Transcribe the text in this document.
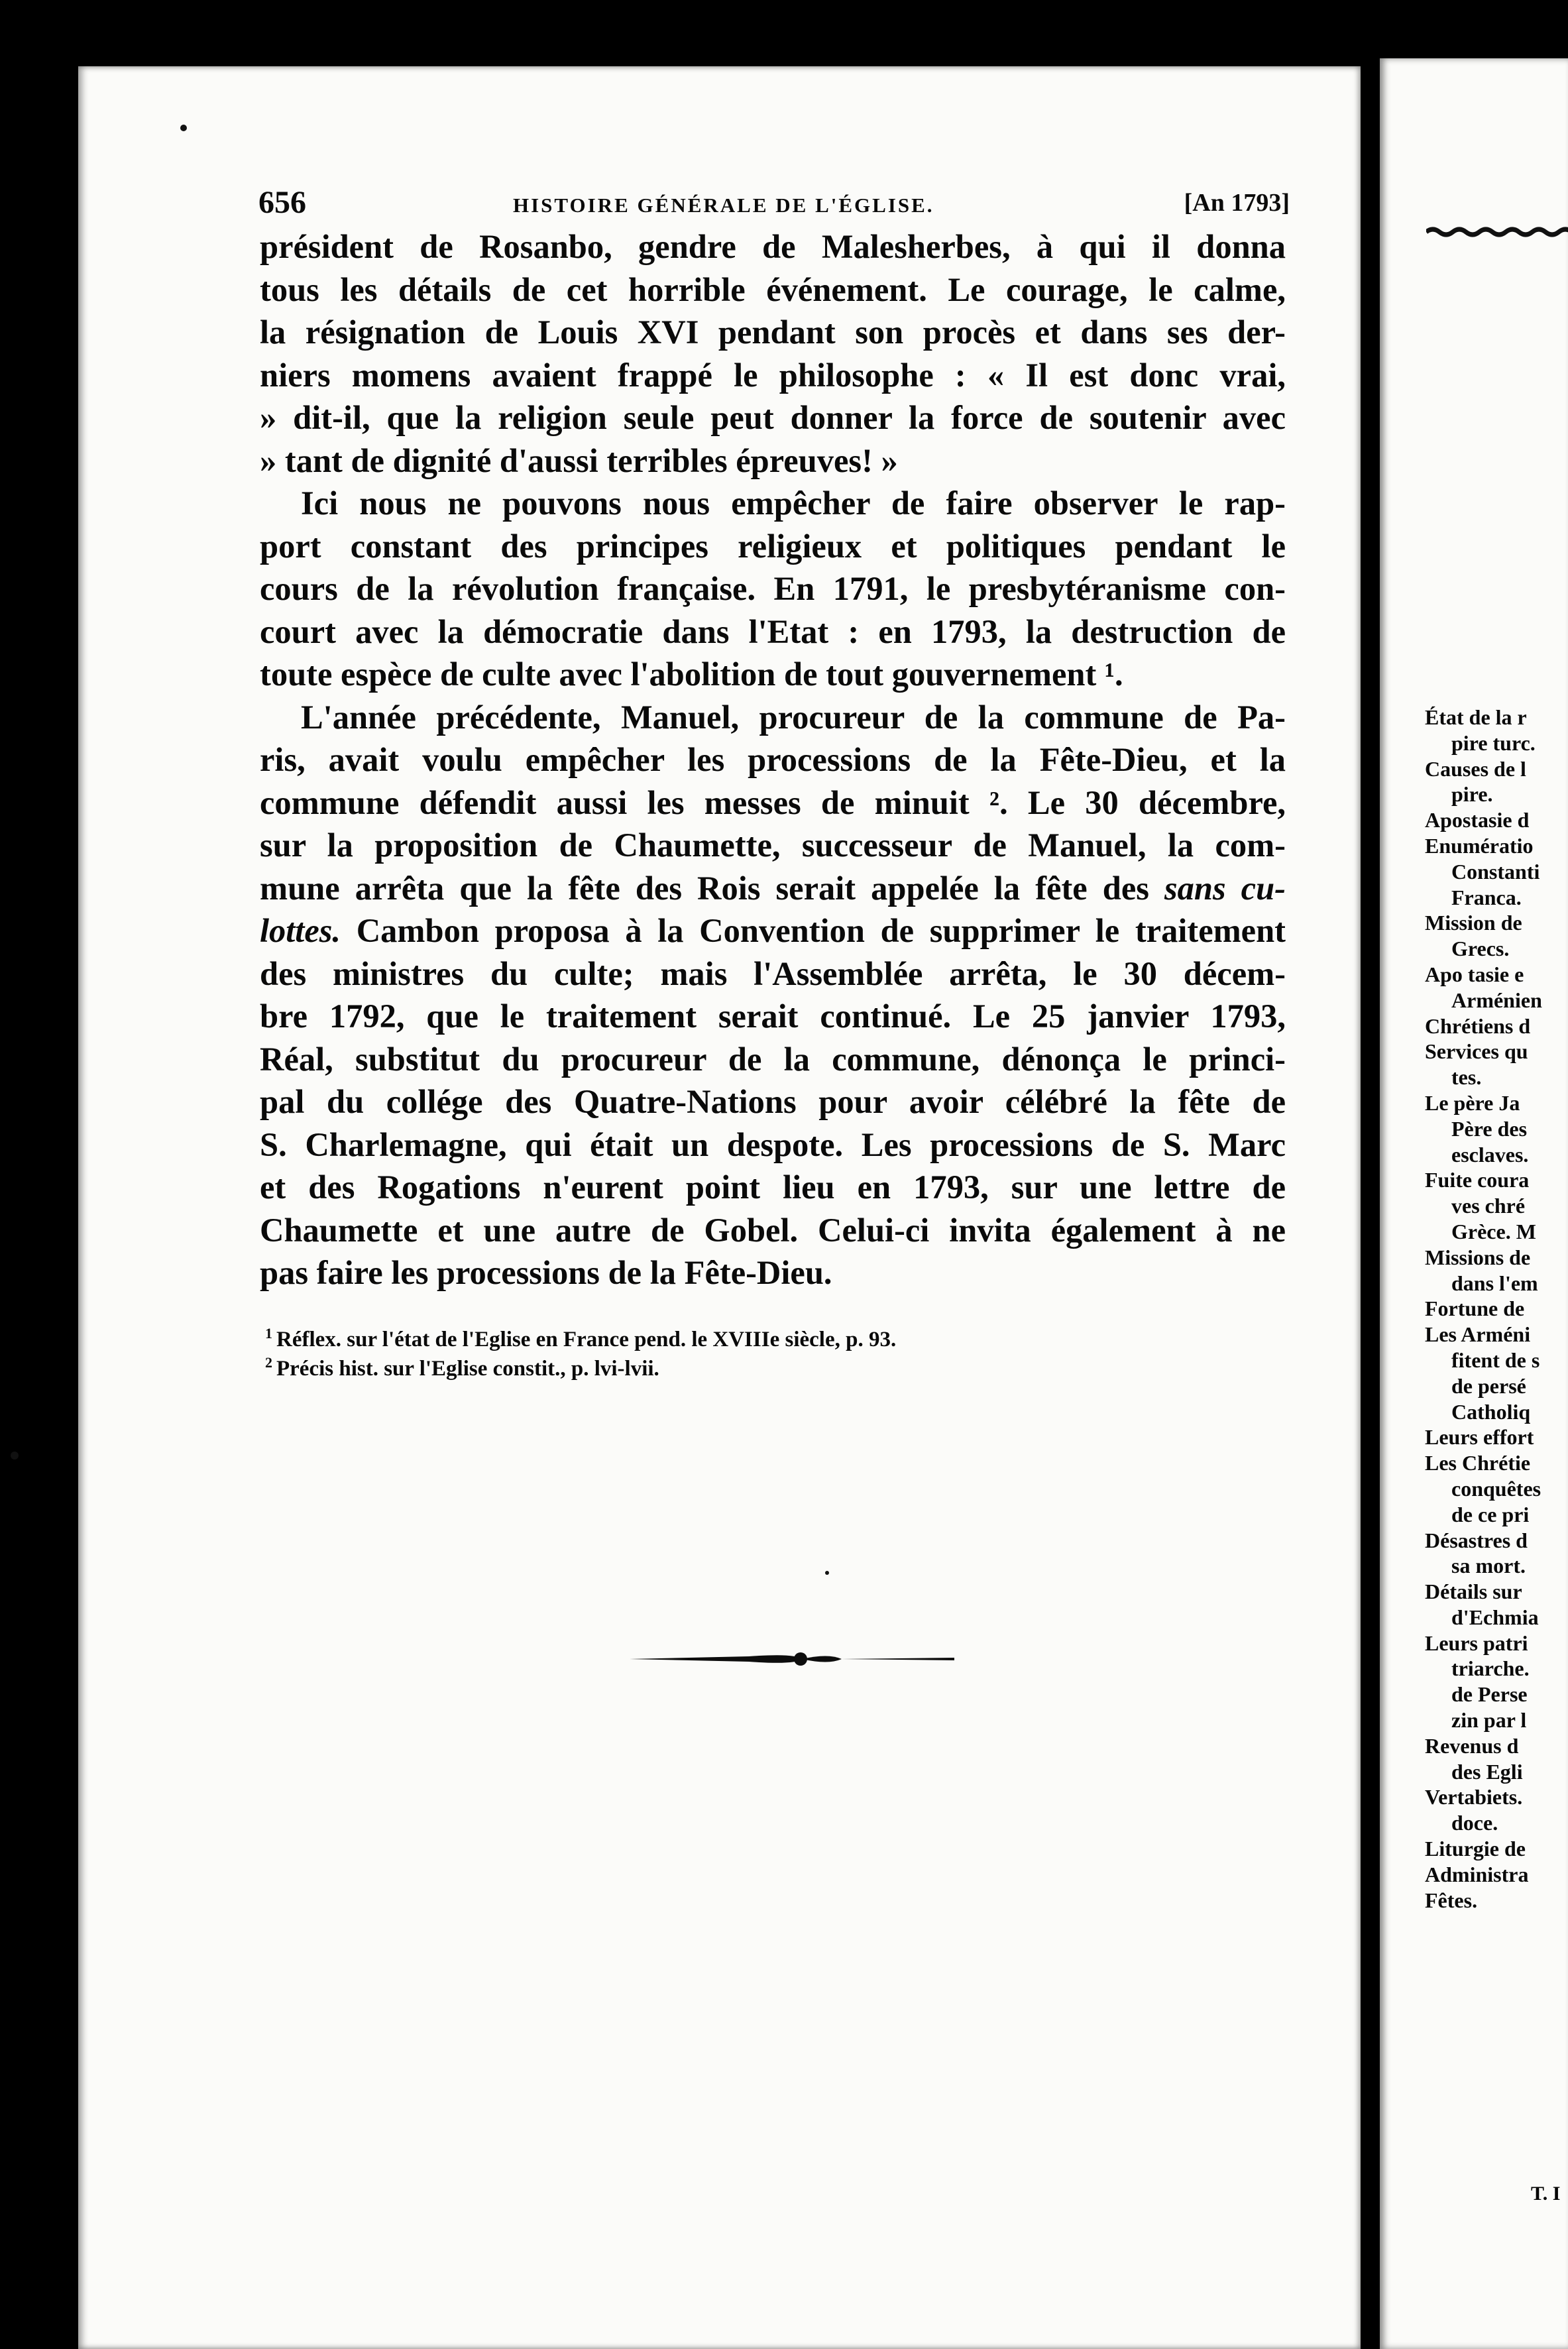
État de la r
pire turc.
Causes de l
pire.
Apostasie d
Enumératio
Constanti
Franca.
Mission de
Grecs.
Apo tasie e
Arménien
Chrétiens d
Services qu
tes.
Le père Ja
Père des
esclaves.
Fuite coura
ves chré
Grèce. M
Missions de
dans l'em
Fortune de
Les Arméni
fitent de s
de persé
Catholiq
Leurs effort
Les Chrétie
conquêtes
de ce pri
Désastres d
sa mort.
Détails sur
d'Echmia
Leurs patri
triarche.
de Perse
zin par l
Revenus d
des Egli
Vertabiets.
doce.
Liturgie de
Administra
Fêtes.
T. I
656	HISTOIRE GÉNÉRALE DE L'ÉGLISE.	[An 1793]
président de Rosanbo, gendre de Malesherbes, à qui il donna
tous les détails de cet horrible événement. Le courage, le calme,
la résignation de Louis XVI pendant son procès et dans ses der-
niers momens avaient frappé le philosophe : « Il est donc vrai,
» dit-il, que la religion seule peut donner la force de soutenir avec
» tant de dignité d'aussi terribles épreuves! »
Ici nous ne pouvons nous empêcher de faire observer le rap-
port constant des principes religieux et politiques pendant le
cours de la révolution française. En 1791, le presbytéranisme con-
court avec la démocratie dans l'Etat : en 1793, la destruction de
toute espèce de culte avec l'abolition de tout gouvernement ¹.
L'année précédente, Manuel, procureur de la commune de Pa-
ris, avait voulu empêcher les processions de la Fête-Dieu, et la
commune défendit aussi les messes de minuit ². Le 30 décembre,
sur la proposition de Chaumette, successeur de Manuel, la com-
mune arrêta que la fête des Rois serait appelée la fête des sans cu-
lottes. Cambon proposa à la Convention de supprimer le traitement
des ministres du culte; mais l'Assemblée arrêta, le 30 décem-
bre 1792, que le traitement serait continué. Le 25 janvier 1793,
Réal, substitut du procureur de la commune, dénonça le princi-
pal du collége des Quatre-Nations pour avoir célébré la fête de
S. Charlemagne, qui était un despote. Les processions de S. Marc
et des Rogations n'eurent point lieu en 1793, sur une lettre de
Chaumette et une autre de Gobel. Celui-ci invita également à ne
pas faire les processions de la Fête-Dieu.
$^1$ Réflex. sur l'état de l'Eglise en France pend. le XVIIIe siècle, p. 93.
$^2$ Précis hist. sur l'Eglise constit., p. lvi-lvii.
